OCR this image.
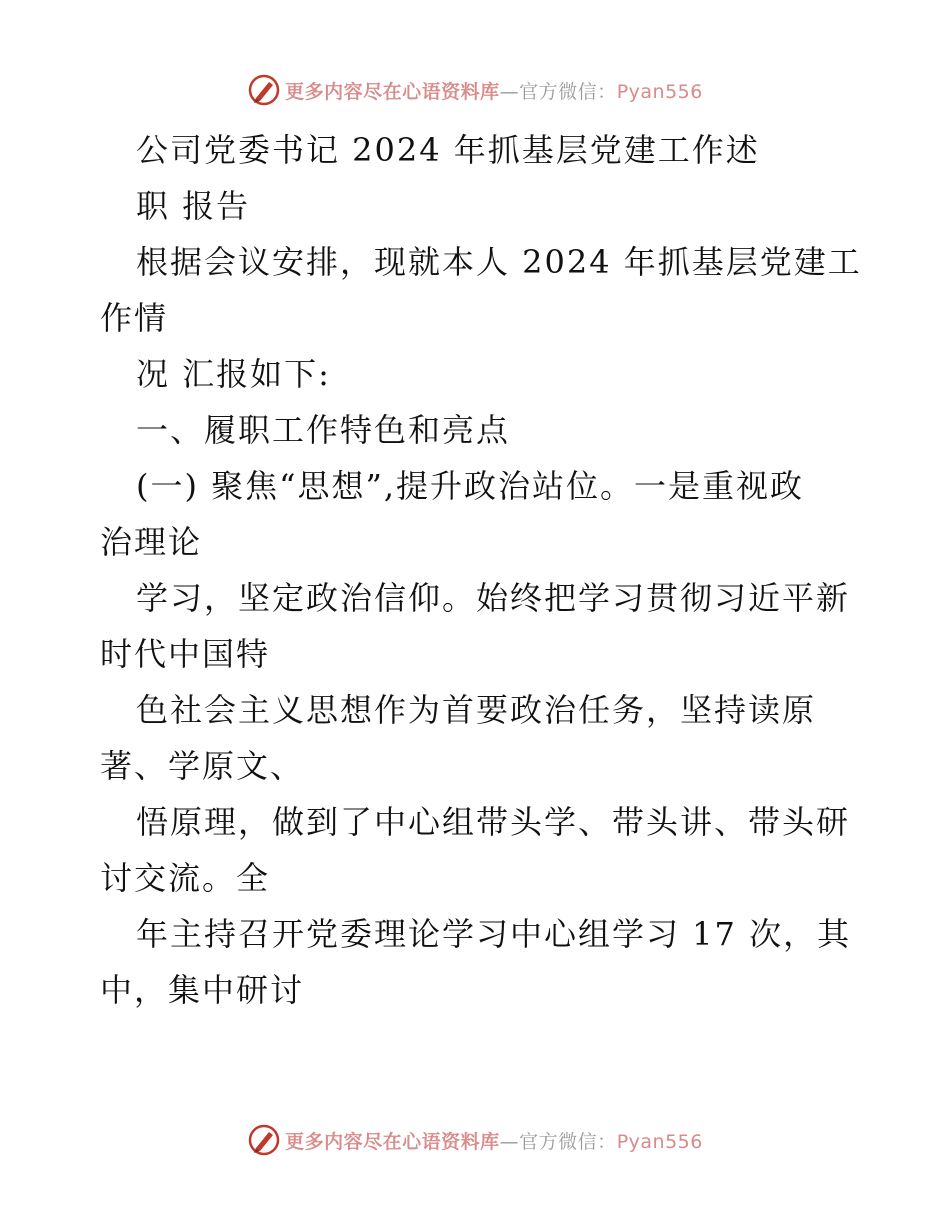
更多内容尽在心语资料库—官方微信：Pyan556
公司党委书记 2024 年抓基层党建工作述
职 报告
根据会议安排，现就本人 2024 年抓基层党建工
作情
况 汇报如下:
一、履职工作特色和亮点
(一) 聚焦“思想”,提升政治站位。一是重视政
治理论
学习，坚定政治信仰。始终把学习贯彻习近平新
时代中国特
色社会主义思想作为首要政治任务，坚持读原
著、学原文、
悟原理，做到了中心组带头学、带头讲、带头研
讨交流。全
年主持召开党委理论学习中心组学习 17 次，其
中，集中研讨
更多内容尽在心语资料库—官方微信：Pyan556
